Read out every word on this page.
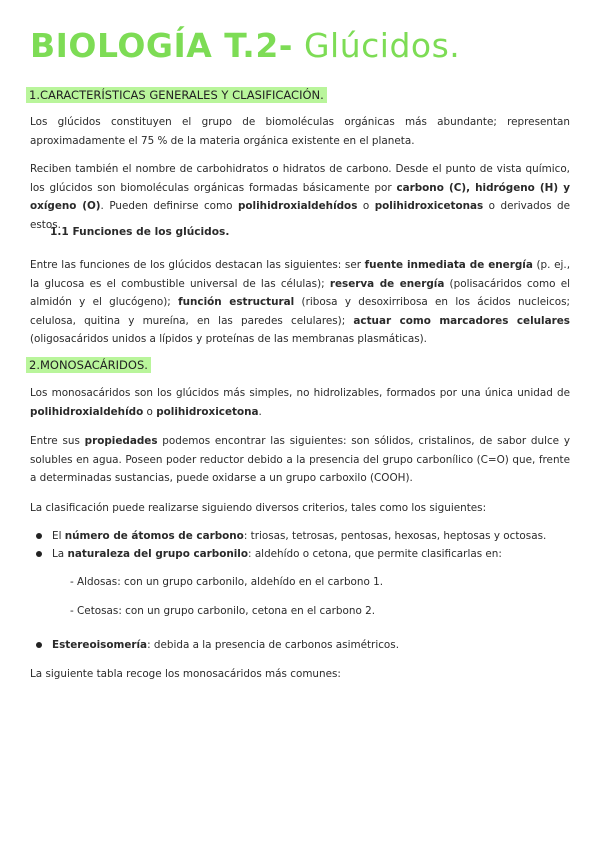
BIOLOGÍA T.2- Glúcidos.
1.CARACTERÍSTICAS GENERALES Y CLASIFICACIÓN.

Los glúcidos constituyen el grupo de biomoléculas orgánicas más abundante; representan aproximadamente el 75 % de la materia orgánica existente en el planeta.

Reciben también el nombre de carbohidratos o hidratos de carbono. Desde el punto de vista químico, los glúcidos son biomoléculas orgánicas formadas básicamente por carbono (C), hidrógeno (H) y oxígeno (O). Pueden definirse como polihidroxialdehídos o polihidroxicetonas o derivados de estos.

1.1 Funciones de los glúcidos.

Entre las funciones de los glúcidos destacan las siguientes: ser fuente inmediata de energía (p. ej., la glucosa es el combustible universal de las células); reserva de energía (polisacáridos como el almidón y el glucógeno); función estructural (ribosa y desoxirribosa en los ácidos nucleicos; celulosa, quitina y mureína, en las paredes celulares); actuar como marcadores celulares (oligosacáridos unidos a lípidos y proteínas de las membranas plasmáticas).

2.MONOSACÁRIDOS.

Los monosacáridos son los glúcidos más simples, no hidrolizables, formados por una única unidad de polihidroxialdehído o polihidroxicetona.

Entre sus propiedades podemos encontrar las siguientes: son sólidos, cristalinos, de sabor dulce y solubles en agua. Poseen poder reductor debido a la presencia del grupo carbonílico (C=O) que, frente a determinadas sustancias, puede oxidarse a un grupo carboxilo (COOH).

La clasificación puede realizarse siguiendo diversos criterios, tales como los siguientes:

El número de átomos de carbono: triosas, tetrosas, pentosas, hexosas, heptosas y octosas.
La naturaleza del grupo carbonilo: aldehído o cetona, que permite clasificarlas en:
- Aldosas: con un grupo carbonilo, aldehído en el carbono 1.
- Cetosas: con un grupo carbonilo, cetona en el carbono 2.
Estereoisomería: debida a la presencia de carbonos asimétricos.

La siguiente tabla recoge los monosacáridos más comunes:
